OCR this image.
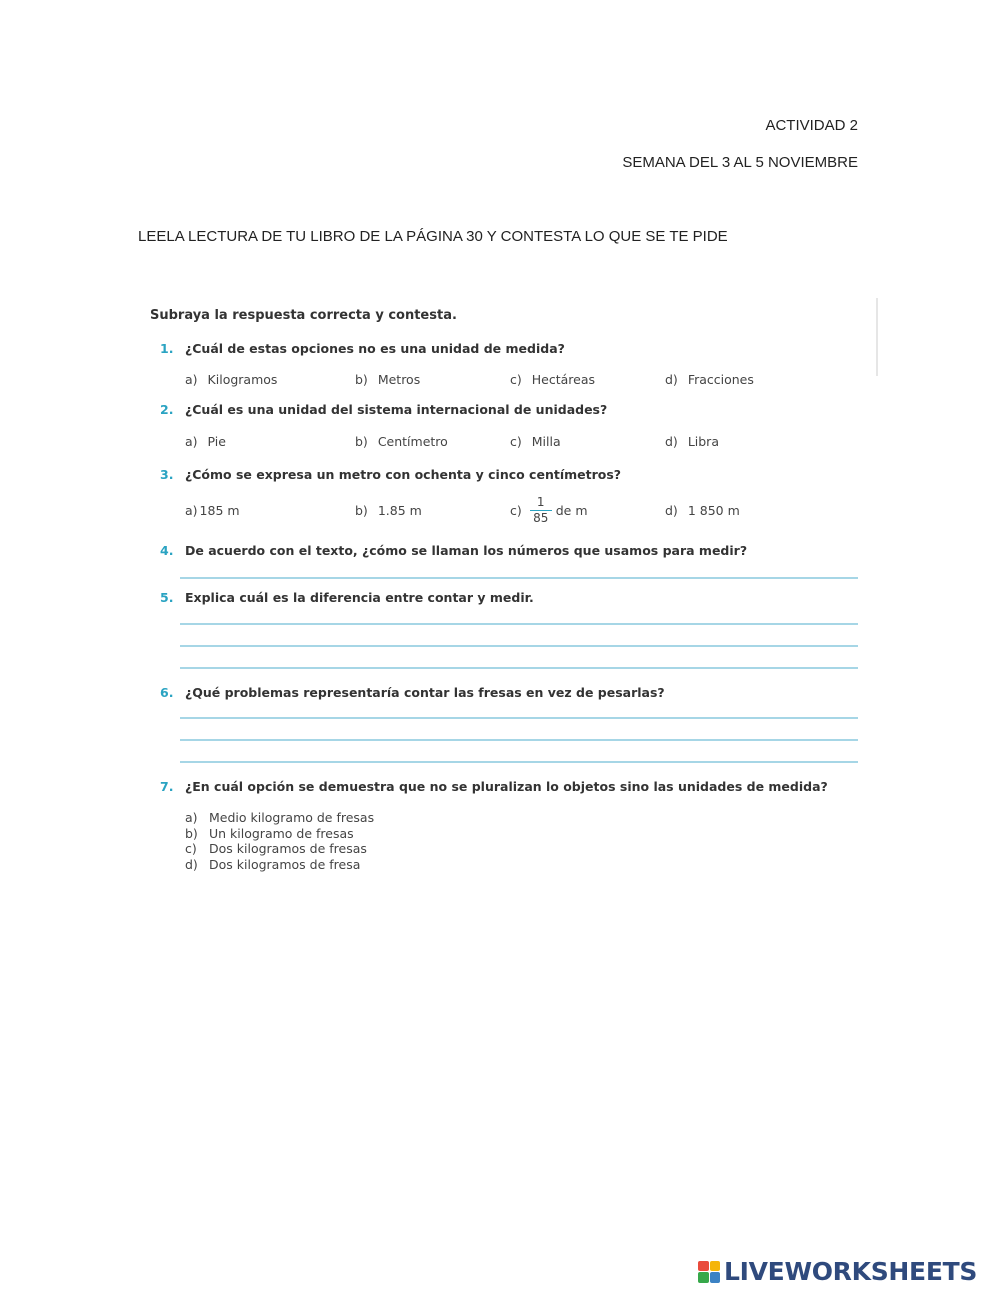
ACTIVIDAD 2
SEMANA DEL 3 AL 5 NOVIEMBRE
LEELA LECTURA DE TU LIBRO DE LA PÁGINA 30 Y CONTESTA LO QUE SE TE PIDE
Subraya la respuesta correcta y contesta.
1. ¿Cuál de estas opciones no es una unidad de medida?
a) Kilogramos	b) Metros	c) Hectáreas	d) Fracciones
2. ¿Cuál es una unidad del sistema internacional de unidades?
a) Pie	b) Centímetro	c) Milla	d) Libra
3. ¿Cómo se expresa un metro con ochenta y cinco centímetros?
a) 185 m	b) 1.85 m	$c) \frac{1}{85}$ de m	d) 1 850 m
4. De acuerdo con el texto, ¿cómo se llaman los números que usamos para medir?
5. Explica cuál es la diferencia entre contar y medir.
6. ¿Qué problemas representaría contar las fresas en vez de pesarlas?
7. ¿En cuál opción se demuestra que no se pluralizan lo objetos sino las unidades de medida?
a) Medio kilogramo de fresas
b) Un kilogramo de fresas
c) Dos kilogramos de fresas
d) Dos kilogramos de fresa
LIVEWORKSHEETS
